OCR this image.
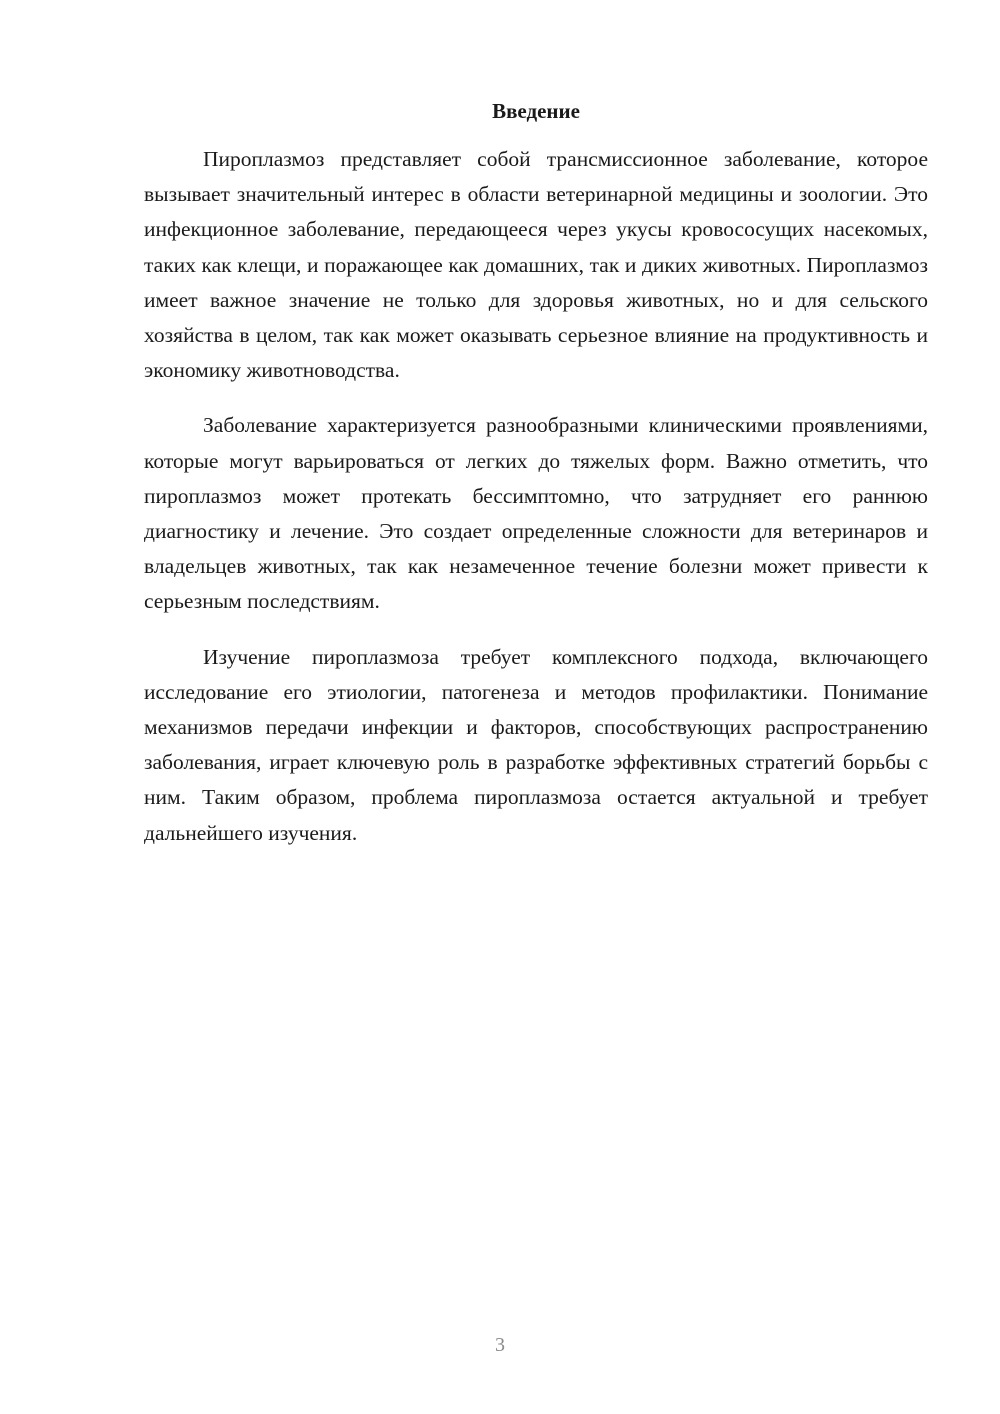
Введение

Пироплазмоз представляет собой трансмиссионное заболевание, которое вызывает значительный интерес в области ветеринарной медицины и зоологии. Это инфекционное заболевание, передающееся через укусы кровососущих насекомых, таких как клещи, и поражающее как домашних, так и диких животных. Пироплазмоз имеет важное значение не только для здоровья животных, но и для сельского хозяйства в целом, так как может оказывать серьезное влияние на продуктивность и экономику животноводства.

Заболевание характеризуется разнообразными клиническими проявлениями, которые могут варьироваться от легких до тяжелых форм. Важно отметить, что пироплазмоз может протекать бессимптомно, что затрудняет его раннюю диагностику и лечение. Это создает определенные сложности для ветеринаров и владельцев животных, так как незамеченное течение болезни может привести к серьезным последствиям.

Изучение пироплазмоза требует комплексного подхода, включающего исследование его этиологии, патогенеза и методов профилактики. Понимание механизмов передачи инфекции и факторов, способствующих распространению заболевания, играет ключевую роль в разработке эффективных стратегий борьбы с ним. Таким образом, проблема пироплазмоза остается актуальной и требует дальнейшего изучения.

3
